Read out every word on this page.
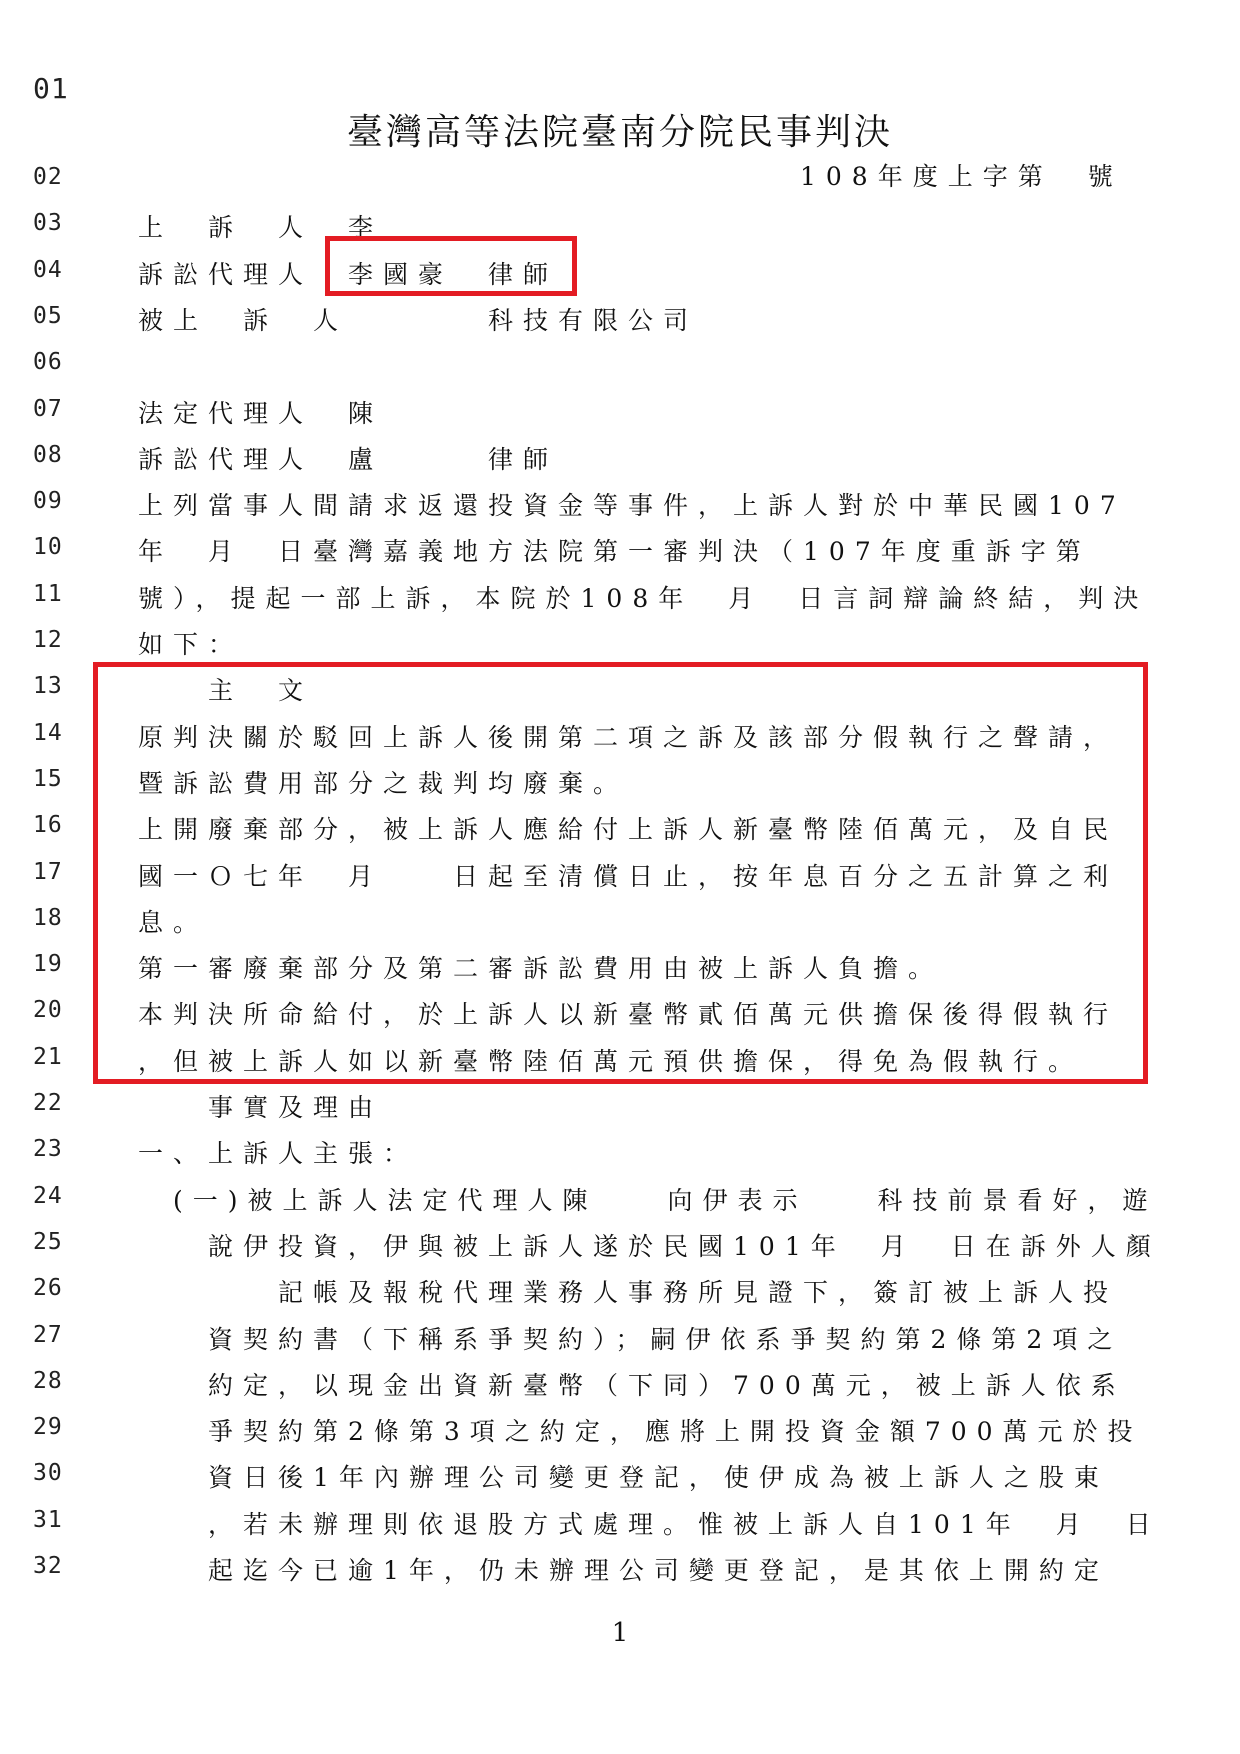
01
臺灣高等法院臺南分院民事判決
108年度上字第　號
02
03	上　訴　人　李
04	訴訟代理人　李國豪　律師
05	被上　訴　人　　　　科技有限公司
06
07	法定代理人　陳
08	訴訟代理人　盧　　　律師
09	上列當事人間請求返還投資金等事件，上訴人對於中華民國107
10	年　月　日臺灣嘉義地方法院第一審判決（107年度重訴字第
11	號），提起一部上訴，本院於108年　月　日言詞辯論終結，判決
12	如下：
13	　　主　文
14	原判決關於駁回上訴人後開第二項之訴及該部分假執行之聲請，
15	暨訴訟費用部分之裁判均廢棄。
16	上開廢棄部分，被上訴人應給付上訴人新臺幣陸佰萬元，及自民
17	國一Ｏ七年　月　　日起至清償日止，按年息百分之五計算之利
18	息。
19	第一審廢棄部分及第二審訴訟費用由被上訴人負擔。
20	本判決所命給付，於上訴人以新臺幣貳佰萬元供擔保後得假執行
21	，但被上訴人如以新臺幣陸佰萬元預供擔保，得免為假執行。
22	　　事實及理由
23	一、上訴人主張：
24	　(一)被上訴人法定代理人陳　　向伊表示　　科技前景看好，遊
25	　　說伊投資，伊與被上訴人遂於民國101年　月　日在訴外人顏
26	　　　　記帳及報稅代理業務人事務所見證下，簽訂被上訴人投
27	　　資契約書（下稱系爭契約）；嗣伊依系爭契約第2條第2項之
28	　　約定，以現金出資新臺幣（下同）700萬元，被上訴人依系
29	　　爭契約第2條第3項之約定，應將上開投資金額700萬元於投
30	　　資日後1年內辦理公司變更登記，使伊成為被上訴人之股東
31	　　，若未辦理則依退股方式處理。惟被上訴人自101年　月　日
32	　　起迄今已逾1年，仍未辦理公司變更登記，是其依上開約定
1
